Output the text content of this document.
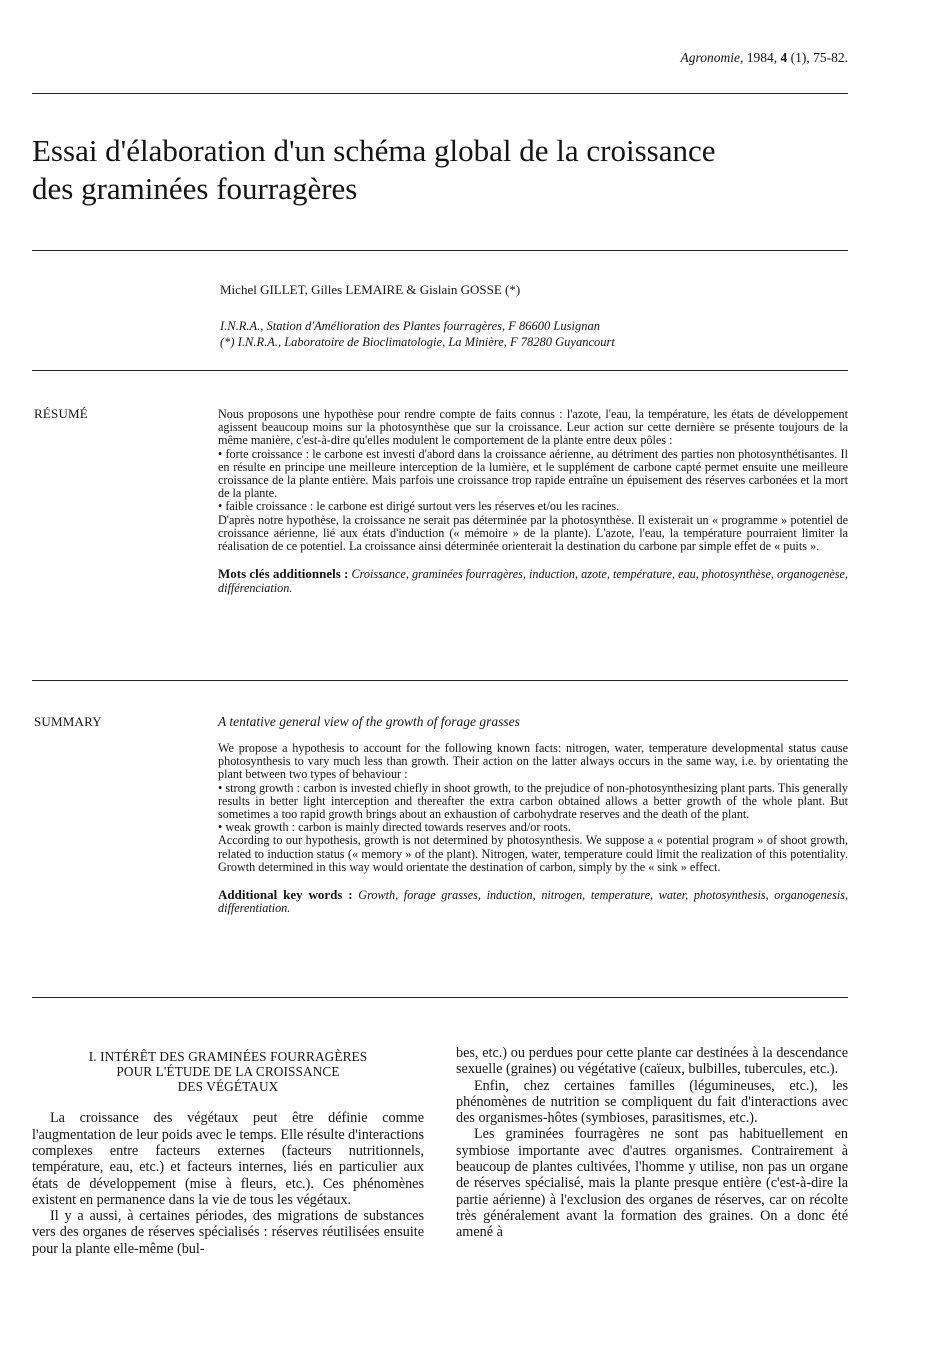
Agronomie, 1984, 4 (1), 75-82.
Essai d'élaboration d'un schéma global de la croissance
des graminées fourragères
Michel GILLET, Gilles LEMAIRE & Gislain GOSSE (*)
I.N.R.A., Station d'Amélioration des Plantes fourragères, F 86600 Lusignan
(*) I.N.R.A., Laboratoire de Bioclimatologie, La Minière, F 78280 Guyancourt
RÉSUMÉ	Nous proposons une hypothèse pour rendre compte de faits connus : l'azote, l'eau, la température, les états de développement agissent beaucoup moins sur la photosynthèse que sur la croissance. Leur action sur cette dernière se présente toujours de la même manière, c'est-à-dire qu'elles modulent le comportement de la plante entre deux pôles :

• forte croissance : le carbone est investi d'abord dans la croissance aérienne, au détriment des parties non photosynthétisantes. Il en résulte en principe une meilleure interception de la lumière, et le supplément de carbone capté permet ensuite une meilleure croissance de la plante entière. Mais parfois une croissance trop rapide entraîne un épuisement des réserves carbonées et la mort de la plante.

• faible croissance : le carbone est dirigé surtout vers les réserves et/ou les racines.

D'après notre hypothèse, la croissance ne serait pas déterminée par la photosynthèse. Il existerait un « programme » potentiel de croissance aérienne, lié aux états d'induction (« mémoire » de la plante). L'azote, l'eau, la température pourraient limiter la réalisation de ce potentiel. La croissance ainsi déterminée orienterait la destination du carbone par simple effet de « puits ».

Mots clés additionnels : Croissance, graminées fourragères, induction, azote, température, eau, photosynthèse, organogenèse, différenciation.
SUMMARY	A tentative general view of the growth of forage grasses

We propose a hypothesis to account for the following known facts: nitrogen, water, temperature developmental status cause photosynthesis to vary much less than growth. Their action on the latter always occurs in the same way, i.e. by orientating the plant between two types of behaviour :

• strong growth : carbon is invested chiefly in shoot growth, to the prejudice of non-photosynthesizing plant parts. This generally results in better light interception and thereafter the extra carbon obtained allows a better growth of the whole plant. But sometimes a too rapid growth brings about an exhaustion of carbohydrate reserves and the death of the plant.

• weak growth : carbon is mainly directed towards reserves and/or roots.

According to our hypothesis, growth is not determined by photosynthesis. We suppose a « potential program » of shoot growth, related to induction status (« memory » of the plant). Nitrogen, water, temperature could limit the realization of this potentiality. Growth determined in this way would orientate the destination of carbon, simply by the « sink » effect.

Additional key words : Growth, forage grasses, induction, nitrogen, temperature, water, photosynthesis, organogenesis, differentiation.
I. INTÉRÊT DES GRAMINÉES FOURRAGÈRES
POUR L'ÉTUDE DE LA CROISSANCE
DES VÉGÉTAUX

La croissance des végétaux peut être définie comme l'augmentation de leur poids avec le temps. Elle résulte d'interactions complexes entre facteurs externes (facteurs nutritionnels, température, eau, etc.) et facteurs internes, liés en particulier aux états de développement (mise à fleurs, etc.). Ces phénomènes existent en permanence dans la vie de tous les végétaux.

Il y a aussi, à certaines périodes, des migrations de substances vers des organes de réserves spécialisés : réserves réutilisées ensuite pour la plante elle-même (bul-

bes, etc.) ou perdues pour cette plante car destinées à la descendance sexuelle (graines) ou végétative (caïeux, bulbilles, tubercules, etc.).

Enfin, chez certaines familles (légumineuses, etc.), les phénomènes de nutrition se compliquent du fait d'interactions avec des organismes-hôtes (symbioses, parasitismes, etc.).

Les graminées fourragères ne sont pas habituellement en symbiose importante avec d'autres organismes. Contrairement à beaucoup de plantes cultivées, l'homme y utilise, non pas un organe de réserves spécialisé, mais la plante presque entière (c'est-à-dire la partie aérienne) à l'exclusion des organes de réserves, car on récolte très généralement avant la formation des graines. On a donc été amené à
